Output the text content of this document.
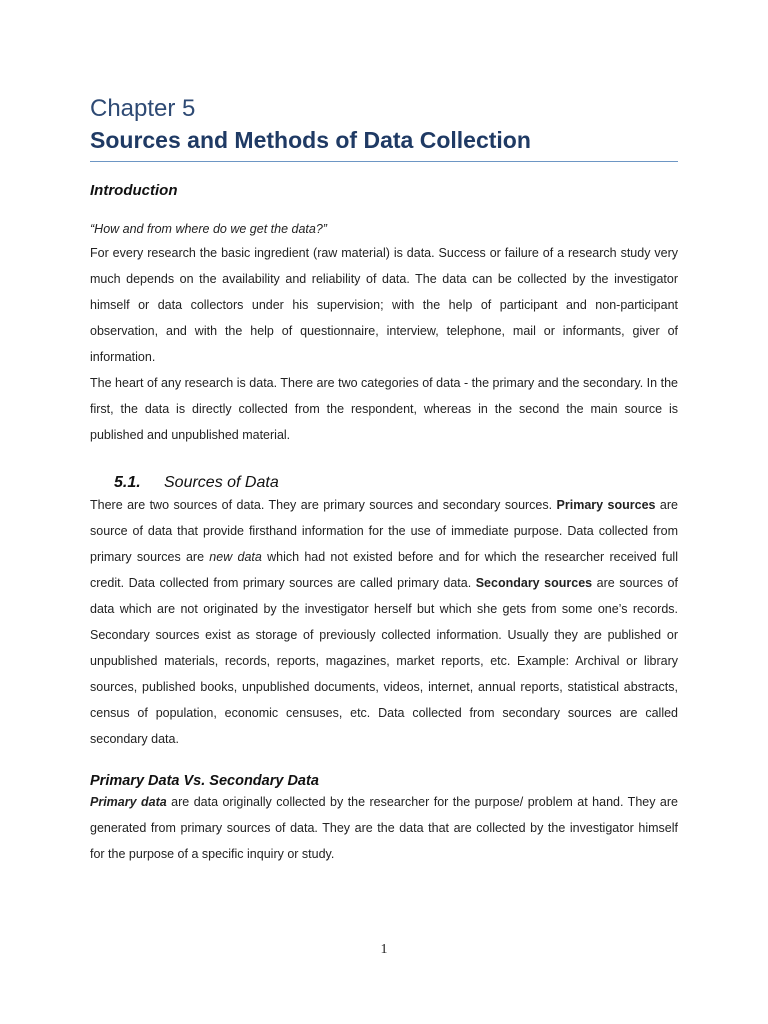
Chapter 5

Sources and Methods of Data Collection

Introduction

“How and from where do we get the data?”

For every research the basic ingredient (raw material) is data. Success or failure of a research study very much depends on the availability and reliability of data. The data can be collected by the investigator himself or data collectors under his supervision; with the help of participant and non-participant observation, and with the help of questionnaire, interview, telephone, mail or informants, giver of information.

The heart of any research is data. There are two categories of data - the primary and the secondary. In the first, the data is directly collected from the respondent, whereas in the second the main source is published and unpublished material.

5.1.	Sources of Data

There are two sources of data. They are primary sources and secondary sources. Primary sources are source of data that provide firsthand information for the use of immediate purpose. Data collected from primary sources are new data which had not existed before and for which the researcher received full credit. Data collected from primary sources are called primary data. Secondary sources are sources of data which are not originated by the investigator herself but which she gets from some one’s records. Secondary sources exist as storage of previously collected information. Usually they are published or unpublished materials, records, reports, magazines, market reports, etc. Example: Archival or library sources, published books, unpublished documents, videos, internet, annual reports, statistical abstracts, census of population, economic censuses, etc. Data collected from secondary sources are called secondary data.

Primary Data Vs. Secondary Data

Primary data are data originally collected by the researcher for the purpose/ problem at hand. They are generated from primary sources of data. They are the data that are collected by the investigator himself for the purpose of a specific inquiry or study.

1
